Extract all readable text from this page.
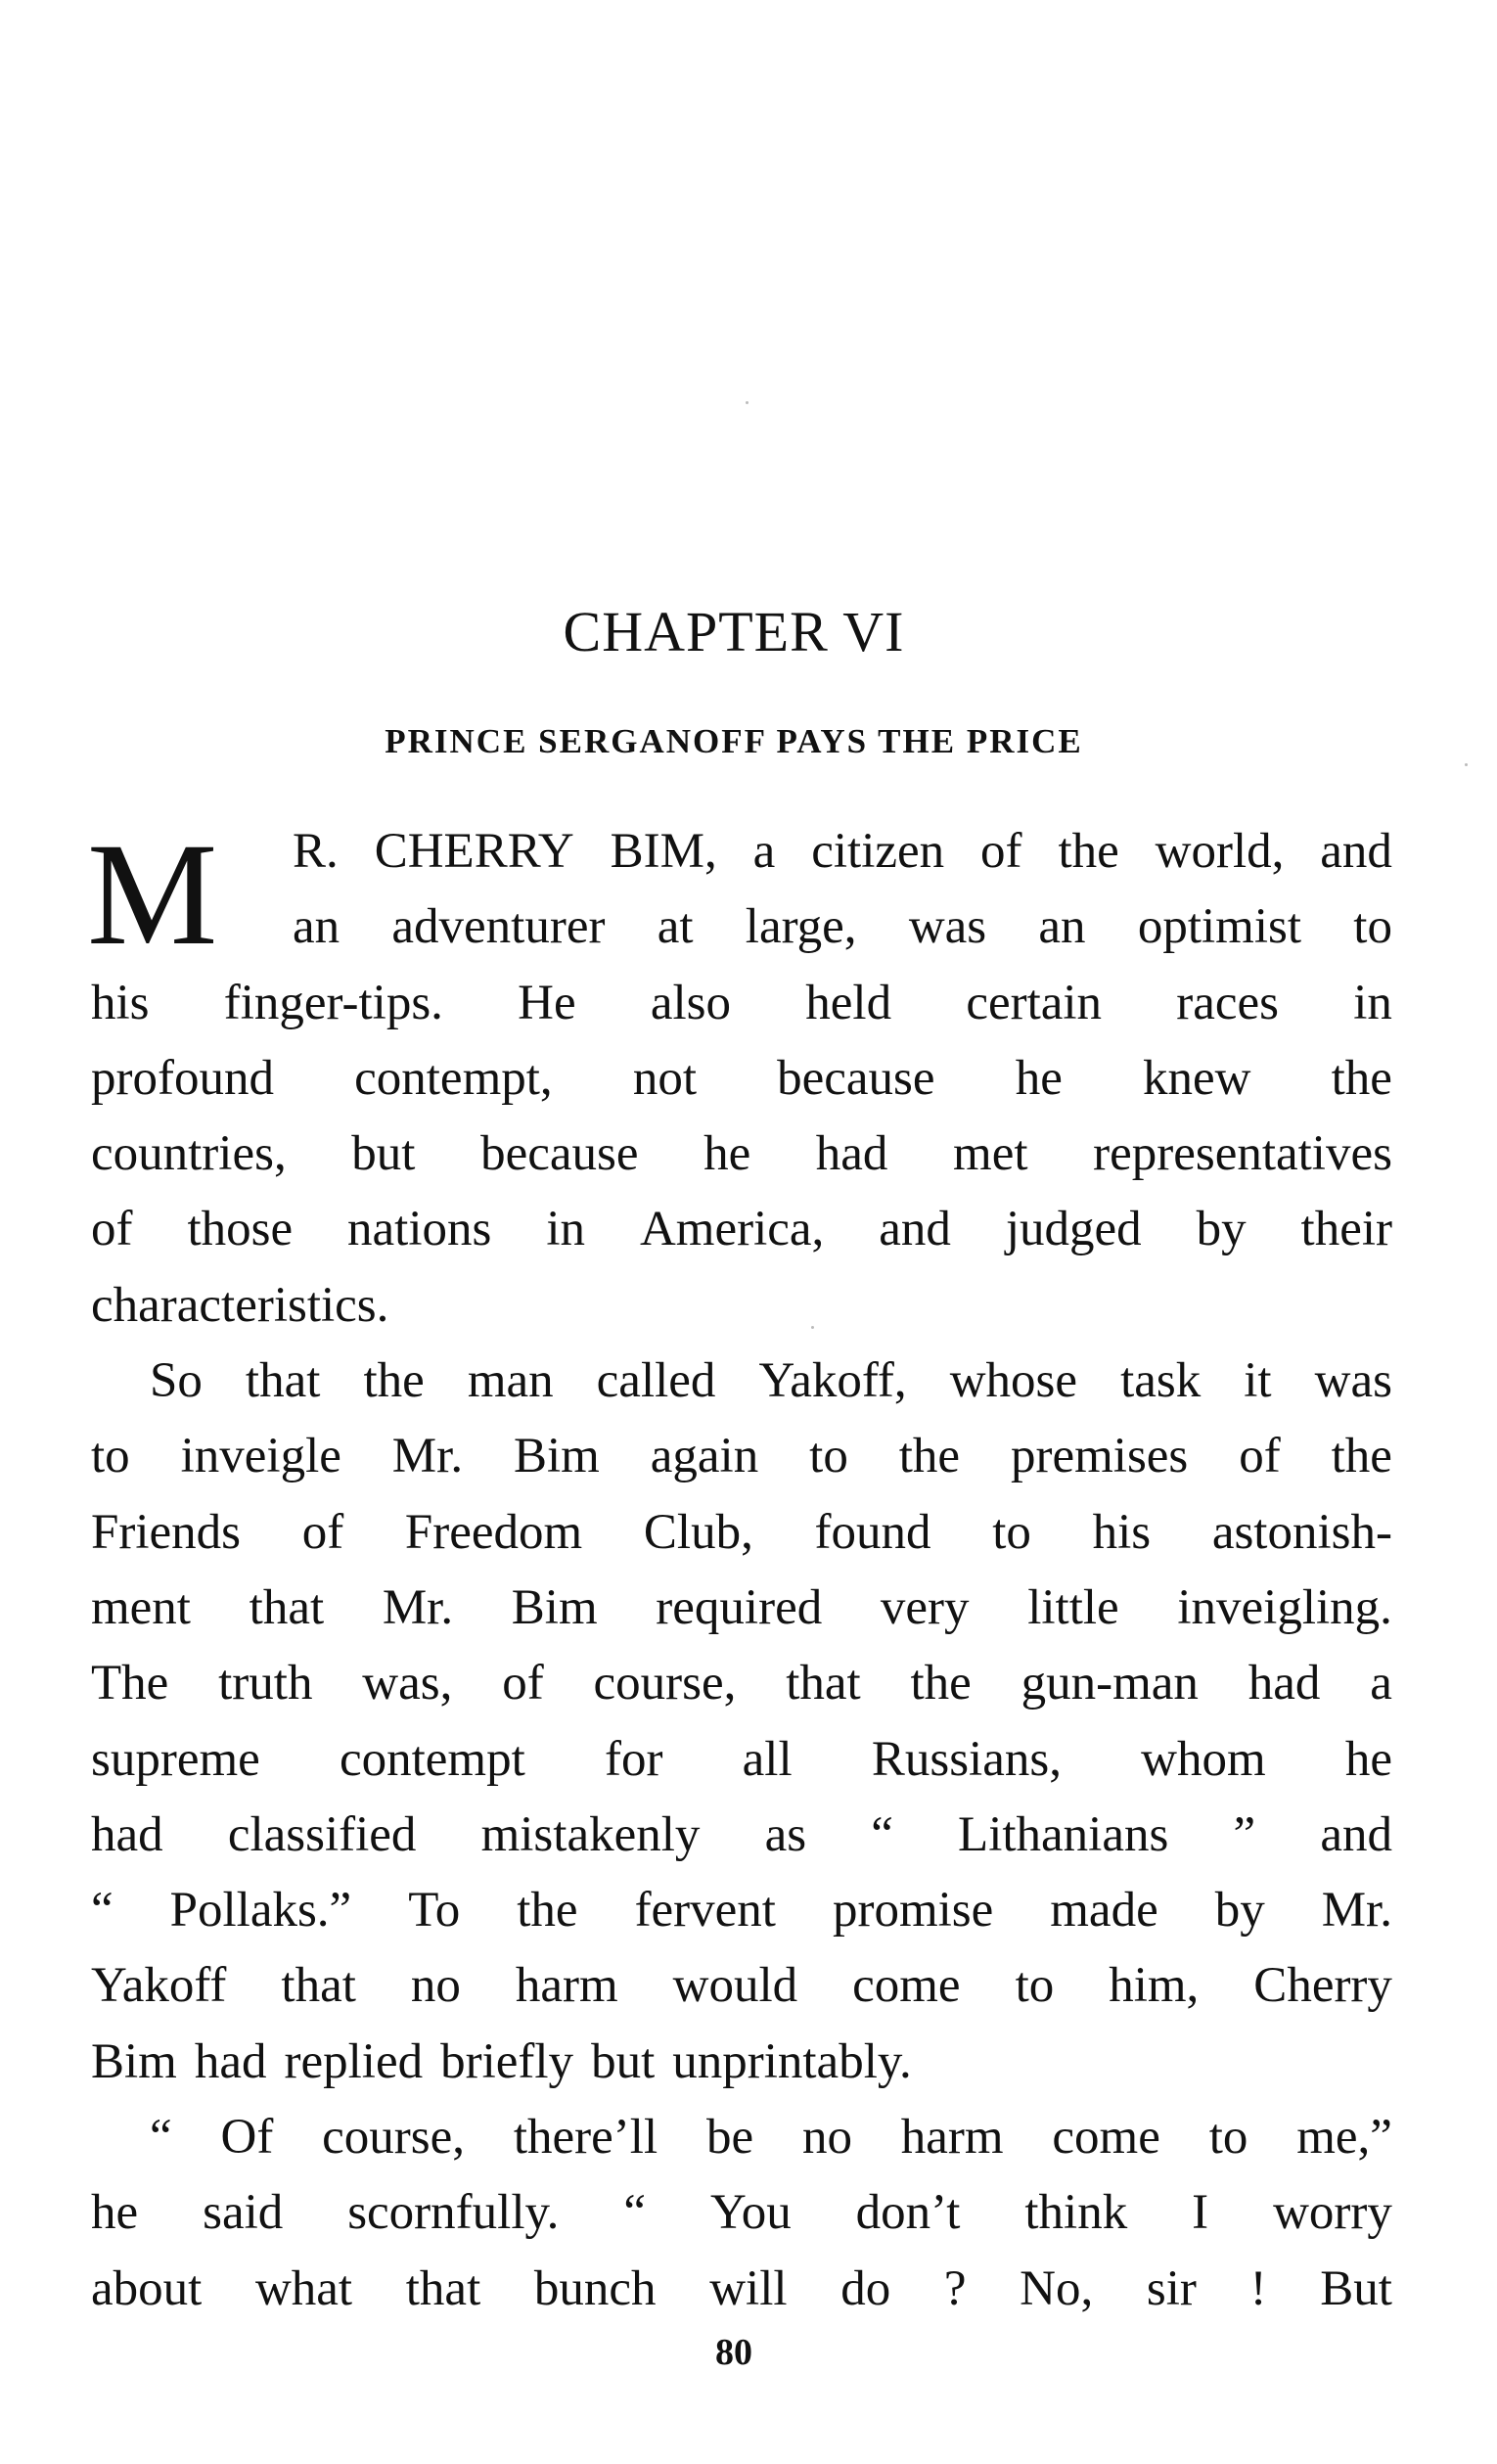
CHAPTER VI
PRINCE SERGANOFF PAYS THE PRICE
M R. CHERRY BIM, a citizen of the world, and
an adventurer at large, was an optimist to
his finger-tips. He also held certain races in
profound contempt, not because he knew the
countries, but because he had met representatives
of those nations in America, and judged by their
characteristics.
So that the man called Yakoff, whose task it was
to inveigle Mr. Bim again to the premises of the
Friends of Freedom Club, found to his astonish-
ment that Mr. Bim required very little inveigling.
The truth was, of course, that the gun-man had a
supreme contempt for all Russians, whom he
had classified mistakenly as “ Lithanians ” and
“ Pollaks.” To the fervent promise made by Mr.
Yakoff that no harm would come to him, Cherry
Bim had replied briefly but unprintably.
“ Of course, there’ll be no harm come to me,”
he said scornfully. “ You don’t think I worry
about what that bunch will do ? No, sir ! But
80
